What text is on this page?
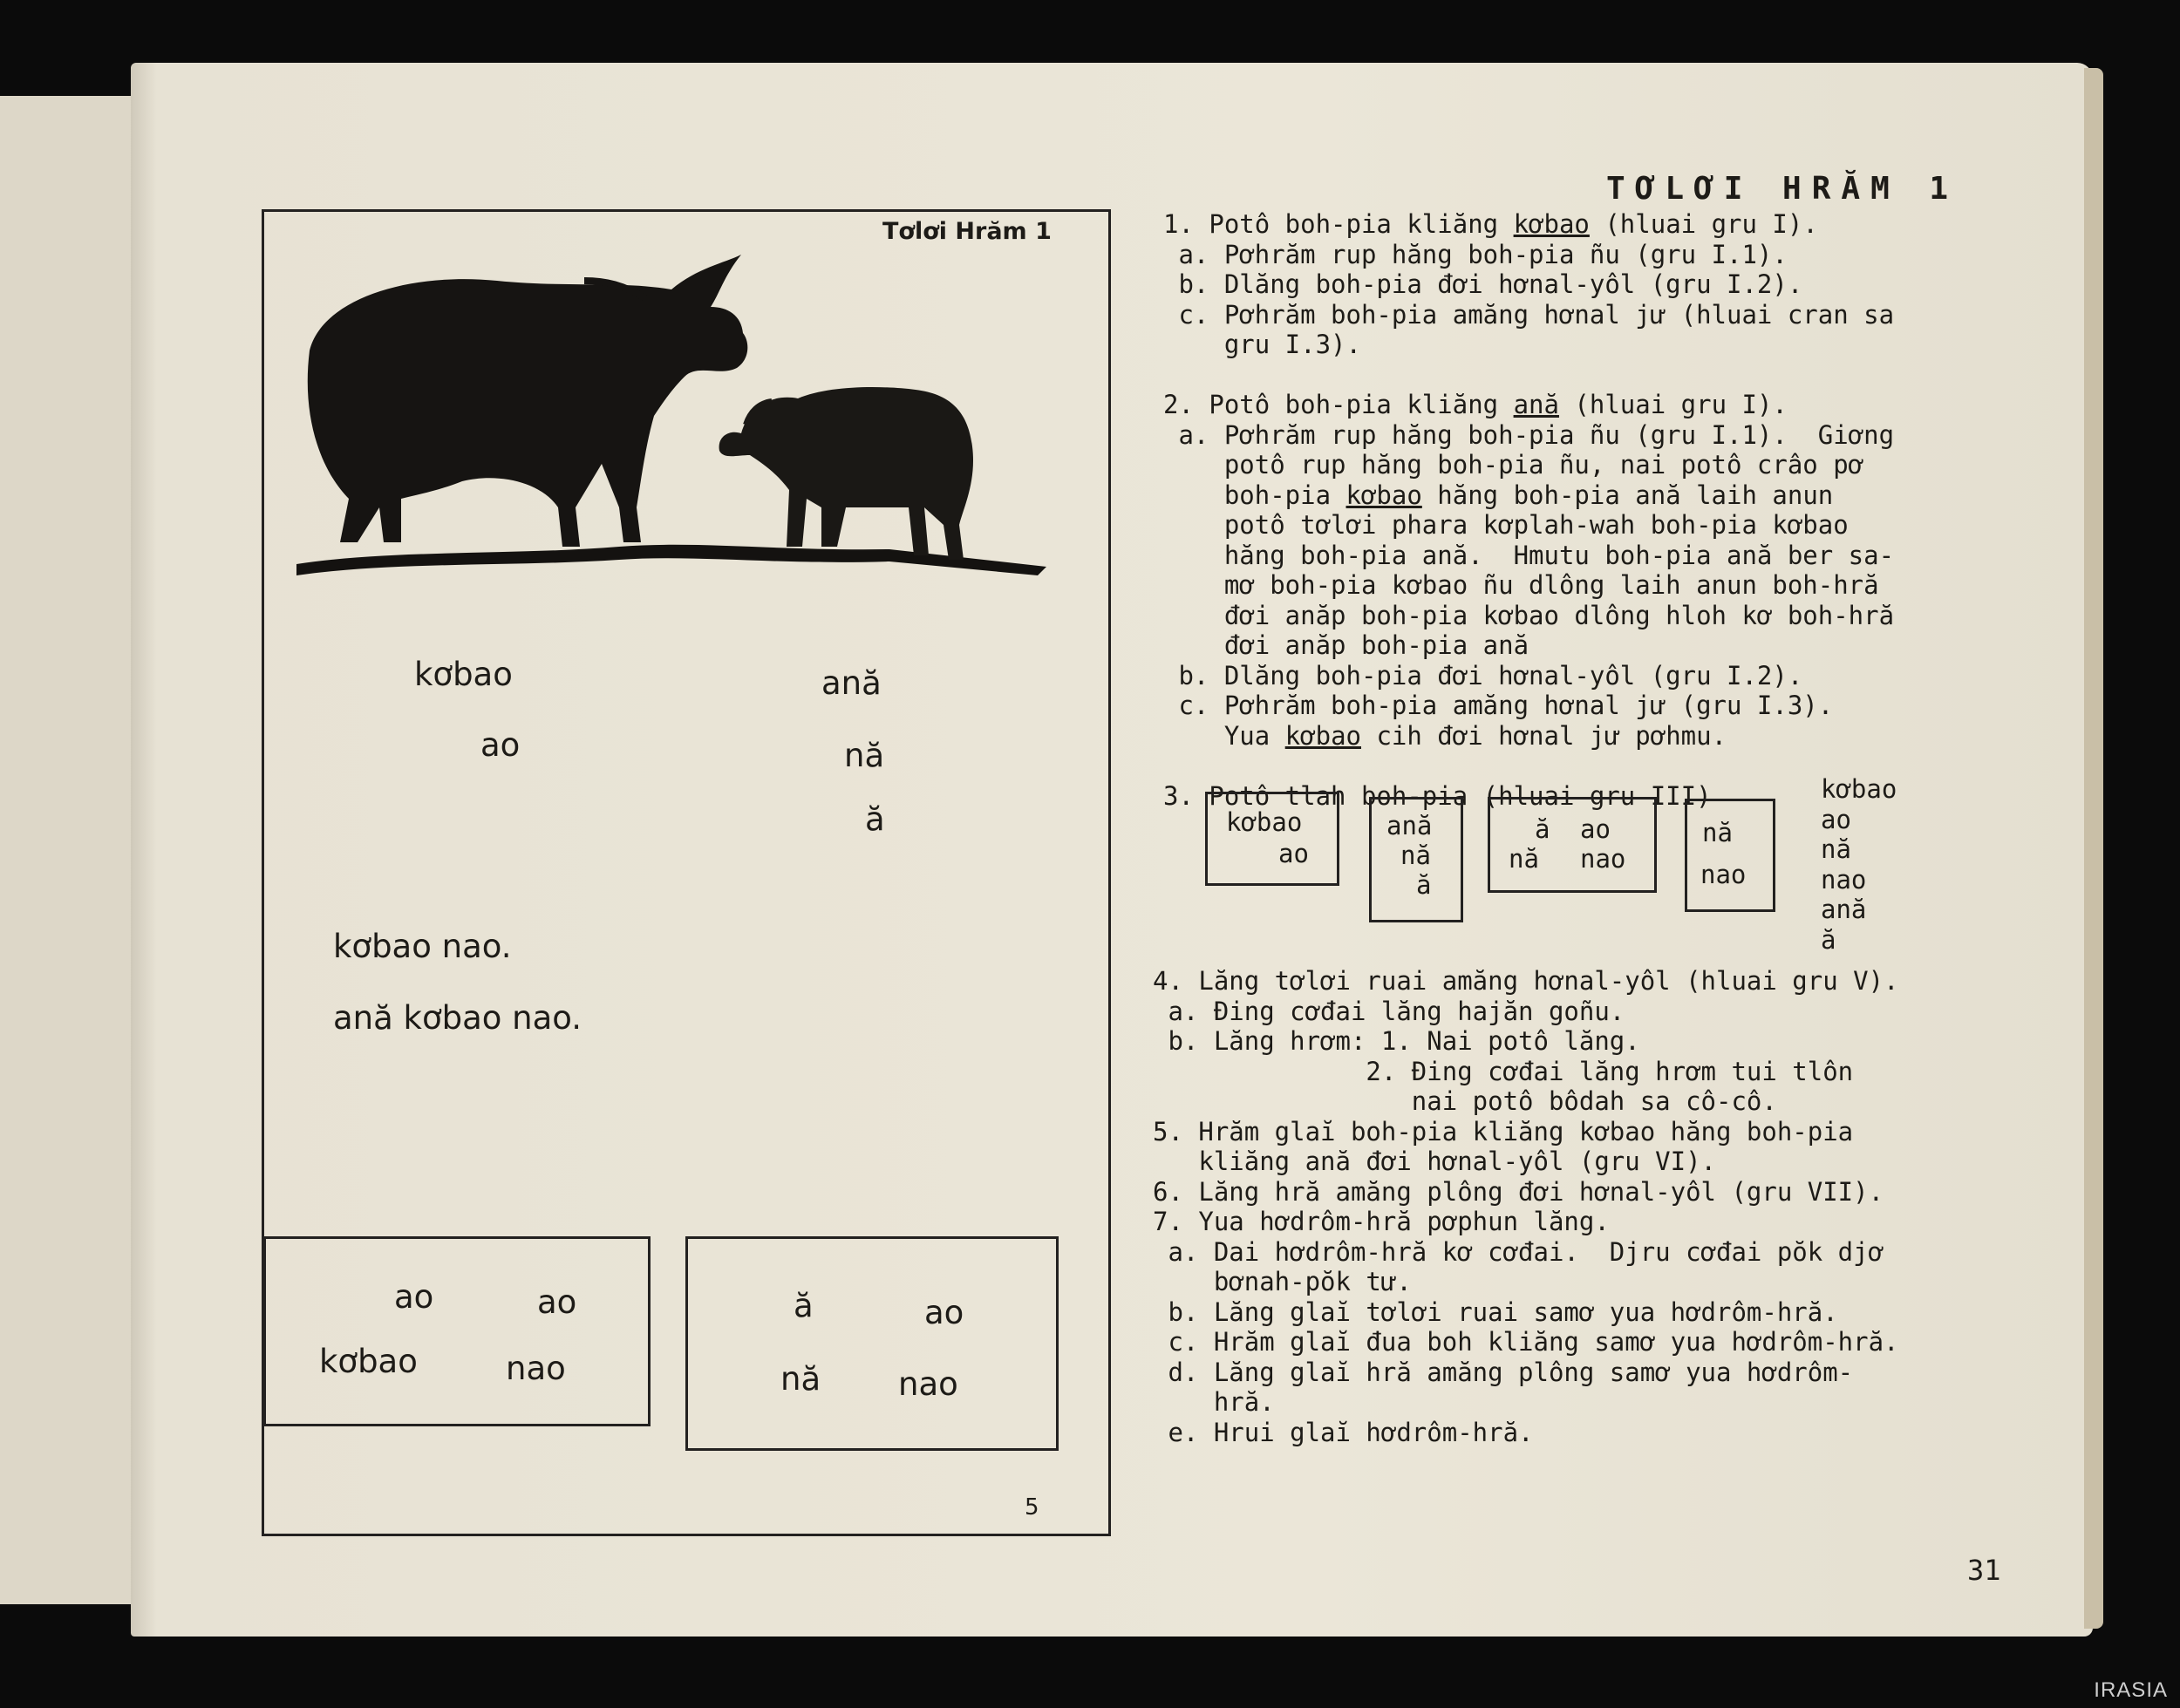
Tơlơi Hrăm 1
kơbao	ană
ao	nă
ă
kơbao nao.
ană kơbao nao.
ao	ao
kơbao	nao
ă	ao
nă nao
5
TƠLƠI HRĂM 1
1. Potô boh-pia kliăng kơbao (hluai gru I).
a. Pơhrăm rup hăng boh-pia ñu (gru I.1).
b. Dlăng boh-pia đơi hơnal-yôl (gru I.2).
c. Pơhrăm boh-pia amăng hơnal jư (hluai cran sa
gru I.3).
2. Potô boh-pia kliăng ană (hluai gru I).
a. Pơhrăm rup hăng boh-pia ñu (gru I.1).  Giơng
potô rup hăng boh-pia ñu, nai potô crâo pơ
boh-pia kơbao hăng boh-pia ană laih anun
potô tơlơi phara kơplah-wah boh-pia kơbao
hăng boh-pia ană.  Hmutu boh-pia ană ber sa-
mơ boh-pia kơbao ñu dlông laih anun boh-hră
đơi anăp boh-pia kơbao dlông hloh kơ boh-hră
đơi anăp boh-pia ană
b. Dlăng boh-pia đơi hơnal-yôl (gru I.2).
c. Pơhrăm boh-pia amăng hơnal jư (gru I.3).
Yua kơbao cih đơi hơnal jư pơhmu.
3. Potô tlah boh-pia (hluai gru III)
kơbao
ao
ană
nă
ă
ă ao
nă nao
nă
nao
kơbao
ao
nă
nao
ană
ă
4. Lăng tơlơi ruai amăng hơnal-yôl (hluai gru V).
a. Đing cơđai lăng hajăn goñu.
b. Lăng hrơm: 1. Nai potô lăng.
2. Đing cơđai lăng hrơm tui tlôn
nai potô bôdah sa cô-cô.
5. Hrăm glaĭ boh-pia kliăng kơbao hăng boh-pia
kliăng ană đơi hơnal-yôl (gru VI).
6. Lăng hră amăng plông đơi hơnal-yôl (gru VII).
7. Yua hơdrôm-hră pơphun lăng.
a. Dai hơdrôm-hră kơ cơđai.  Djru cơđai pŏk djơ
bơnah-pŏk tư.
b. Lăng glaĭ tơlơi ruai samơ yua hơdrôm-hră.
c. Hrăm glaĭ đua boh kliăng samơ yua hơdrôm-hră.
d. Lăng glaĭ hră amăng plông samơ yua hơdrôm-
hră.
e. Hrui glaĭ hơdrôm-hră.
31
IRASIA
